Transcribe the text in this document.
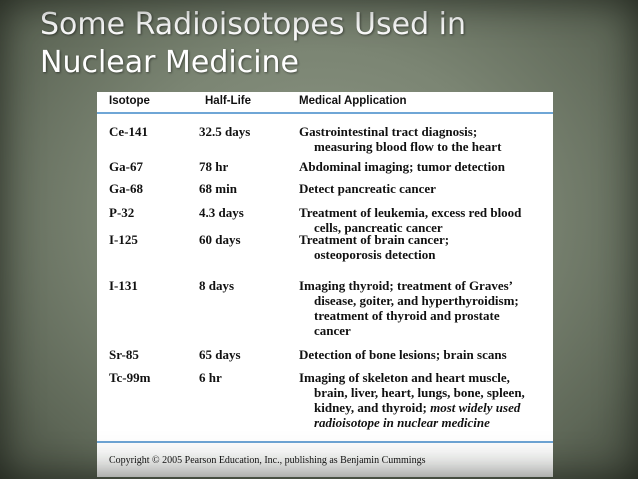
Some Radioisotopes Used in
Nuclear Medicine
Isotope	Half-Life	Medical Application
Ce-141	32.5 days	Gastrointestinal tract diagnosis;
measuring blood flow to the heart
Ga-67	78 hr	Abdominal imaging; tumor detection
Ga-68	68 min	Detect pancreatic cancer
P-32	4.3 days	Treatment of leukemia, excess red blood
cells, pancreatic cancer
I-125	60 days	Treatment of brain cancer;
osteoporosis detection
I-131	8 days	Imaging thyroid; treatment of Graves’
disease, goiter, and hyperthyroidism;
treatment of thyroid and prostate
cancer
Sr-85	65 days	Detection of bone lesions; brain scans
Tc-99m	6 hr	Imaging of skeleton and heart muscle,
brain, liver, heart, lungs, bone, spleen,
kidney, and thyroid; most widely used
radioisotope in nuclear medicine
Copyright © 2005 Pearson Education, Inc., publishing as Benjamin Cummings
